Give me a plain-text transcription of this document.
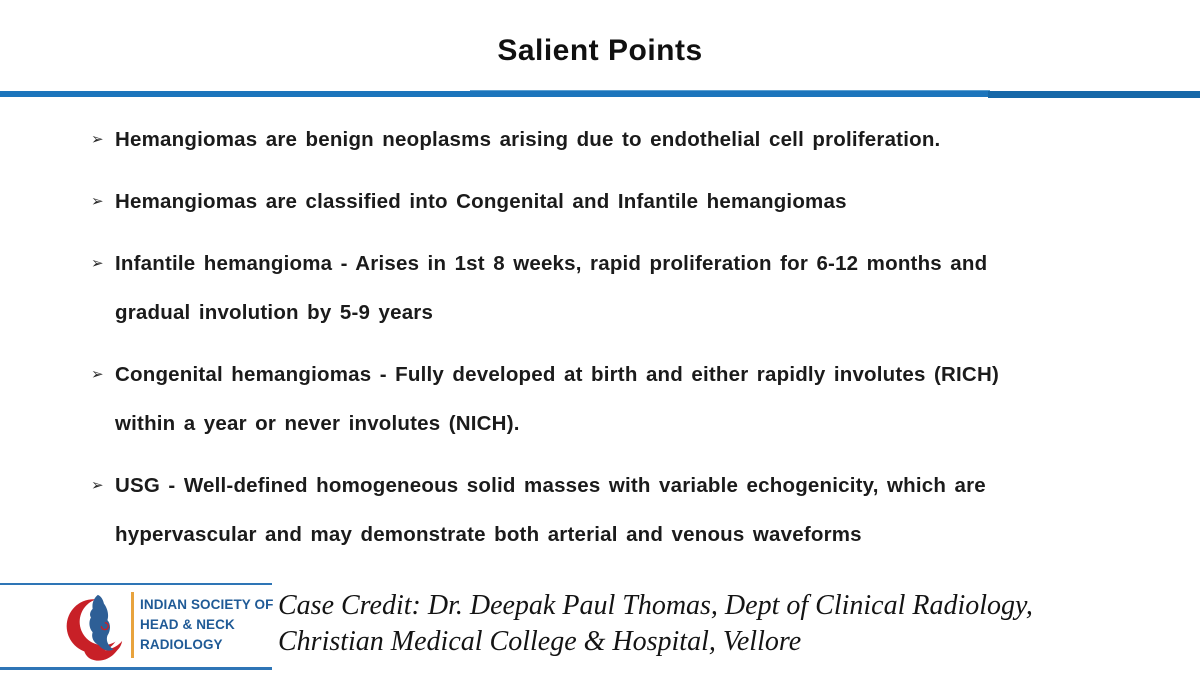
Salient Points
➢ Hemangiomas are benign neoplasms arising due to endothelial cell proliferation.
➢ Hemangiomas are classified into Congenital and Infantile hemangiomas
➢ Infantile hemangioma - Arises in 1st 8 weeks, rapid proliferation for 6-12 months and
gradual involution by 5-9 years
➢ Congenital hemangiomas - Fully developed at birth and either rapidly involutes (RICH)
within a year or never involutes (NICH).
➢ USG - Well-defined homogeneous solid masses with variable echogenicity, which are
hypervascular and may demonstrate both arterial and venous waveforms
INDIAN SOCIETY OF
HEAD & NECK
RADIOLOGY
Case Credit: Dr. Deepak Paul Thomas, Dept of Clinical Radiology,
Christian Medical College & Hospital, Vellore
